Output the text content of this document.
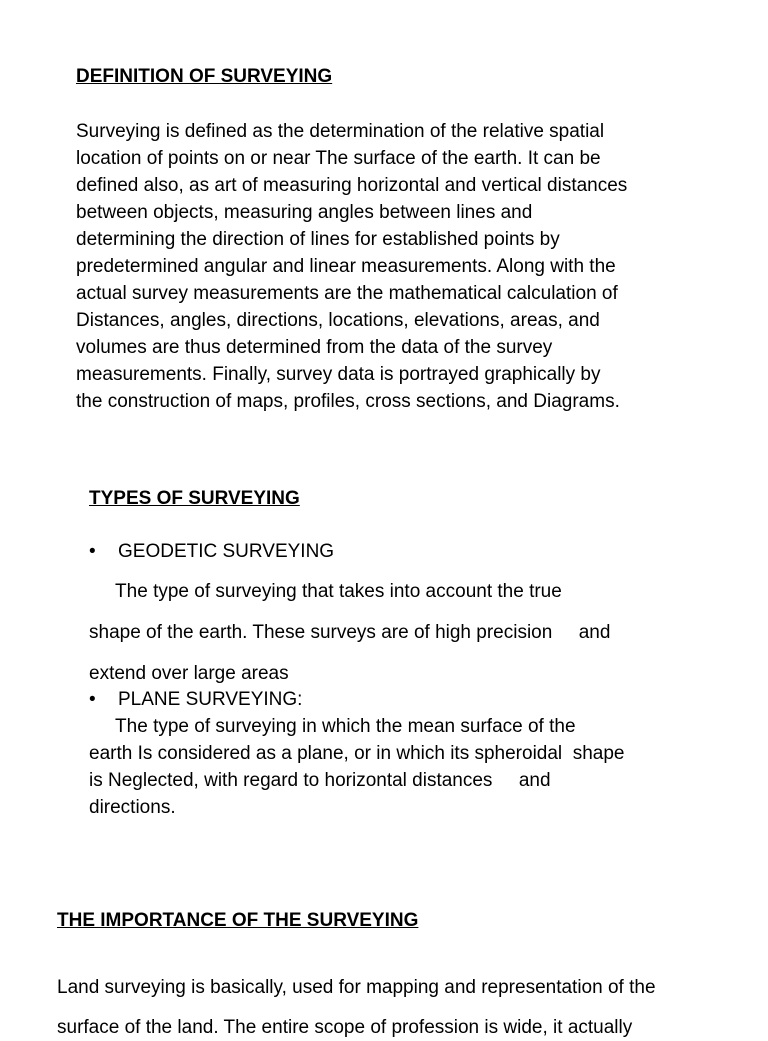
DEFINITION OF SURVEYING
Surveying is defined as the determination of the relative spatial
location of points on or near The surface of the earth. It can be
defined also, as art of measuring horizontal and vertical distances
between objects, measuring angles between lines and
determining the direction of lines for established points by
predetermined angular and linear measurements. Along with the
actual survey measurements are the mathematical calculation of
Distances, angles, directions, locations, elevations, areas, and
volumes are thus determined from the data of the survey
measurements. Finally, survey data is portrayed graphically by
the construction of maps, profiles, cross sections, and Diagrams.
TYPES OF SURVEYING
• GEODETIC SURVEYING
The type of surveying that takes into account the true
shape of the earth. These surveys are of high precision     and
extend over large areas
• PLANE SURVEYING:
The type of surveying in which the mean surface of the
earth Is considered as a plane, or in which its spheroidal  shape
is Neglected, with regard to horizontal distances     and
directions.
THE IMPORTANCE OF THE SURVEYING
Land surveying is basically, used for mapping and representation of the
surface of the land. The entire scope of profession is wide, it actually
